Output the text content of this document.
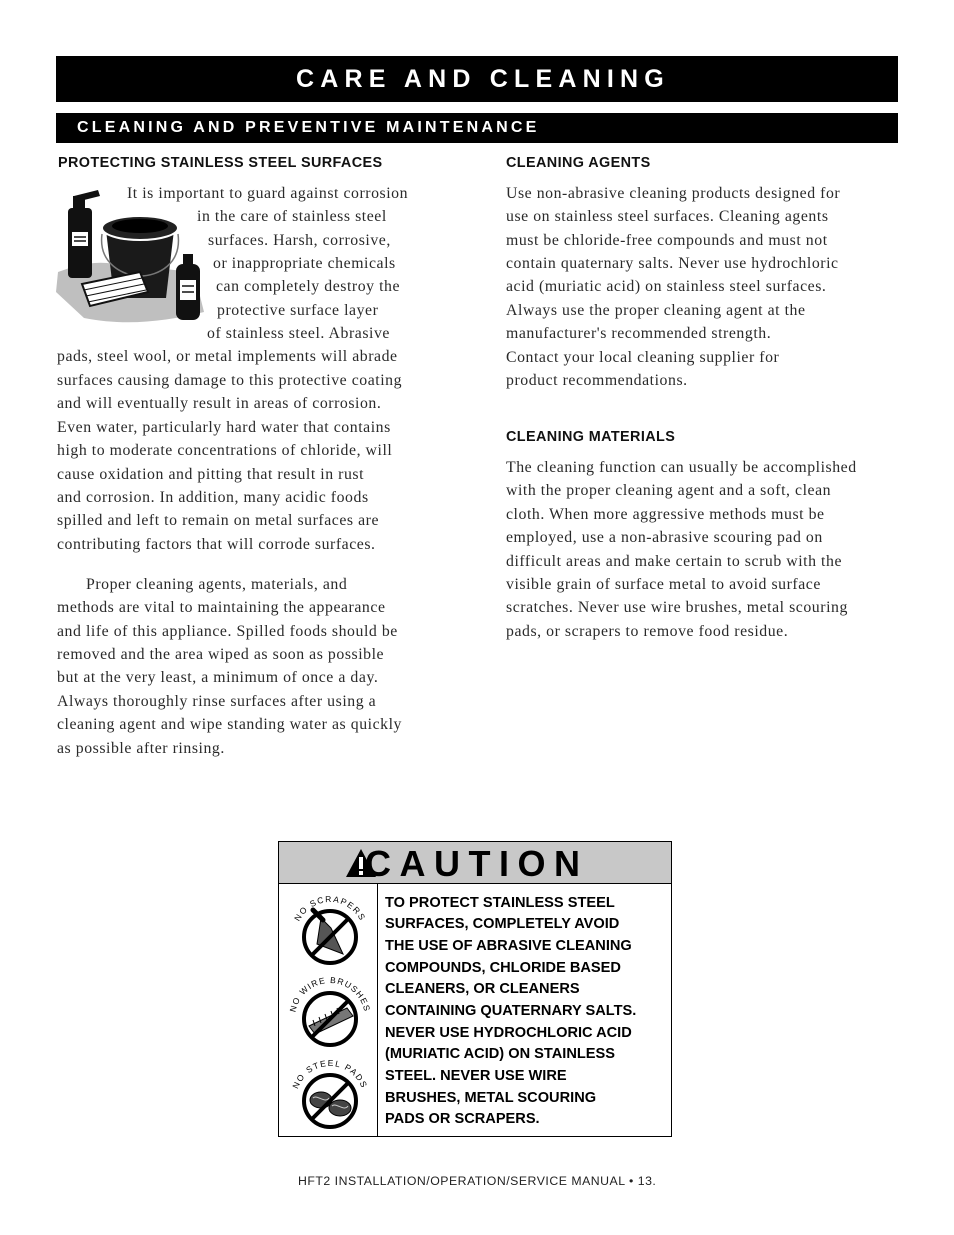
CARE AND CLEANING
CLEANING AND PREVENTIVE MAINTENANCE
PROTECTING STAINLESS STEEL SURFACES
It is important to guard against corrosion
in the care of stainless steel
surfaces. Harsh, corrosive,
or inappropriate chemicals
can completely destroy the
protective surface layer
of stainless steel. Abrasive
pads, steel wool, or metal implements will abrade
surfaces causing damage to this protective coating
and will eventually result in areas of corrosion.
Even water, particularly hard water that contains
high to moderate concentrations of chloride, will
cause oxidation and pitting that result in rust
and corrosion. In addition, many acidic foods
spilled and left to remain on metal surfaces are
contributing factors that will corrode surfaces.
Proper cleaning agents, materials, and
methods are vital to maintaining the appearance
and life of this appliance. Spilled foods should be
removed and the area wiped as soon as possible
but at the very least, a minimum of once a day.
Always thoroughly rinse surfaces after using a
cleaning agent and wipe standing water as quickly
as possible after rinsing.
CLEANING AGENTS
Use non-abrasive cleaning products designed for
use on stainless steel surfaces. Cleaning agents
must be chloride-free compounds and must not
contain quaternary salts. Never use hydrochloric
acid (muriatic acid) on stainless steel surfaces.
Always use the proper cleaning agent at the
manufacturer's recommended strength.
Contact your local cleaning supplier for
product recommendations.
CLEANING MATERIALS
The cleaning function can usually be accomplished
with the proper cleaning agent and a soft, clean
cloth. When more aggressive methods must be
employed, use a non-abrasive scouring pad on
difficult areas and make certain to scrub with the
visible grain of surface metal to avoid surface
scratches. Never use wire brushes, metal scouring
pads, or scrapers to remove food residue.
CAUTION
NO SCRAPERS
NO WIRE BRUSHES
NO STEEL PADS
TO PROTECT STAINLESS STEEL
SURFACES, COMPLETELY AVOID
THE USE OF ABRASIVE CLEANING
COMPOUNDS, CHLORIDE BASED
CLEANERS, OR CLEANERS
CONTAINING QUATERNARY SALTS.
NEVER USE HYDROCHLORIC ACID
(MURIATIC ACID) ON STAINLESS
STEEL. NEVER USE WIRE
BRUSHES, METAL SCOURING
PADS OR SCRAPERS.
HFT2 INSTALLATION/OPERATION/SERVICE MANUAL • 13.
